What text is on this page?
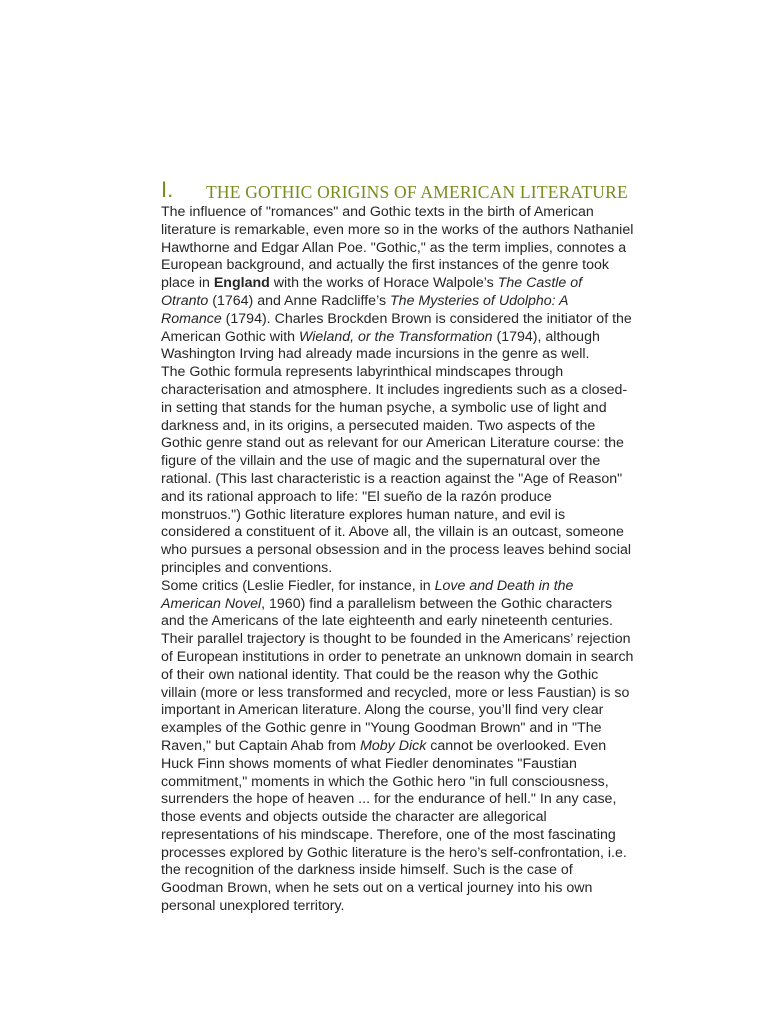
I. THE GOTHIC ORIGINS OF AMERICAN LITERATURE
The influence of "romances" and Gothic texts in the birth of American
literature is remarkable, even more so in the works of the authors Nathaniel
Hawthorne and Edgar Allan Poe. "Gothic," as the term implies, connotes a
European background, and actually the first instances of the genre took
place in England with the works of Horace Walpole’s The Castle of
Otranto (1764) and Anne Radcliffe’s The Mysteries of Udolpho: A
Romance (1794). Charles Brockden Brown is considered the initiator of the
American Gothic with Wieland, or the Transformation (1794), although
Washington Irving had already made incursions in the genre as well.
The Gothic formula represents labyrinthical mindscapes through
characterisation and atmosphere. It includes ingredients such as a closed-
in setting that stands for the human psyche, a symbolic use of light and
darkness and, in its origins, a persecuted maiden. Two aspects of the
Gothic genre stand out as relevant for our American Literature course: the
figure of the villain and the use of magic and the supernatural over the
rational. (This last characteristic is a reaction against the "Age of Reason"
and its rational approach to life: "El sueño de la razón produce
monstruos.") Gothic literature explores human nature, and evil is
considered a constituent of it. Above all, the villain is an outcast, someone
who pursues a personal obsession and in the process leaves behind social
principles and conventions.
Some critics (Leslie Fiedler, for instance, in Love and Death in the
American Novel, 1960) find a parallelism between the Gothic characters
and the Americans of the late eighteenth and early nineteenth centuries.
Their parallel trajectory is thought to be founded in the Americans’ rejection
of European institutions in order to penetrate an unknown domain in search
of their own national identity. That could be the reason why the Gothic
villain (more or less transformed and recycled, more or less Faustian) is so
important in American literature. Along the course, you’ll find very clear
examples of the Gothic genre in "Young Goodman Brown" and in "The
Raven," but Captain Ahab from Moby Dick cannot be overlooked. Even
Huck Finn shows moments of what Fiedler denominates "Faustian
commitment," moments in which the Gothic hero "in full consciousness,
surrenders the hope of heaven ... for the endurance of hell." In any case,
those events and objects outside the character are allegorical
representations of his mindscape. Therefore, one of the most fascinating
processes explored by Gothic literature is the hero’s self-confrontation, i.e.
the recognition of the darkness inside himself. Such is the case of
Goodman Brown, when he sets out on a vertical journey into his own
personal unexplored territory.
